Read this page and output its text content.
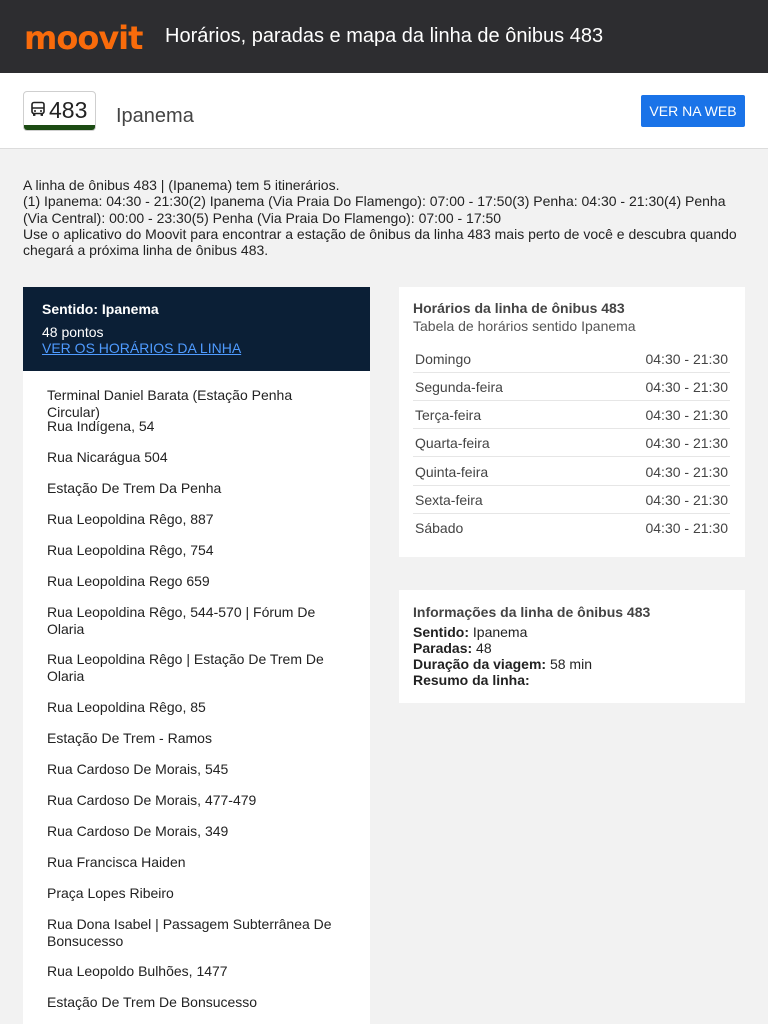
moovit Horários, paradas e mapa da linha de ônibus 483
483 Ipanema	VER NA WEB
A linha de ônibus 483 | (Ipanema) tem 5 itinerários.
(1) Ipanema: 04:30 - 21:30(2) Ipanema (Via Praia Do Flamengo): 07:00 - 17:50(3) Penha: 04:30 - 21:30(4) Penha (Via Central): 00:00 - 23:30(5) Penha (Via Praia Do Flamengo): 07:00 - 17:50
Use o aplicativo do Moovit para encontrar a estação de ônibus da linha 483 mais perto de você e descubra quando chegará a próxima linha de ônibus 483.
Sentido: Ipanema
48 pontos
VER OS HORÁRIOS DA LINHA
Terminal Daniel Barata (Estação Penha Circular)
Rua Indígena, 54
Rua Nicarágua 504
Estação De Trem Da Penha
Rua Leopoldina Rêgo, 887
Rua Leopoldina Rêgo, 754
Rua Leopoldina Rego 659
Rua Leopoldina Rêgo, 544-570 | Fórum De Olaria
Rua Leopoldina Rêgo | Estação De Trem De Olaria
Rua Leopoldina Rêgo, 85
Estação De Trem - Ramos
Rua Cardoso De Morais, 545
Rua Cardoso De Morais, 477-479
Rua Cardoso De Morais, 349
Rua Francisca Haiden
Praça Lopes Ribeiro
Rua Dona Isabel | Passagem Subterrânea De Bonsucesso
Rua Leopoldo Bulhões, 1477
Estação De Trem De Bonsucesso
Horários da linha de ônibus 483
Tabela de horários sentido Ipanema
Domingo	04:30 - 21:30
Segunda-feira	04:30 - 21:30
Terça-feira	04:30 - 21:30
Quarta-feira	04:30 - 21:30
Quinta-feira	04:30 - 21:30
Sexta-feira	04:30 - 21:30
Sábado	04:30 - 21:30
Informações da linha de ônibus 483
Sentido: Ipanema
Paradas: 48
Duração da viagem: 58 min
Resumo da linha:
